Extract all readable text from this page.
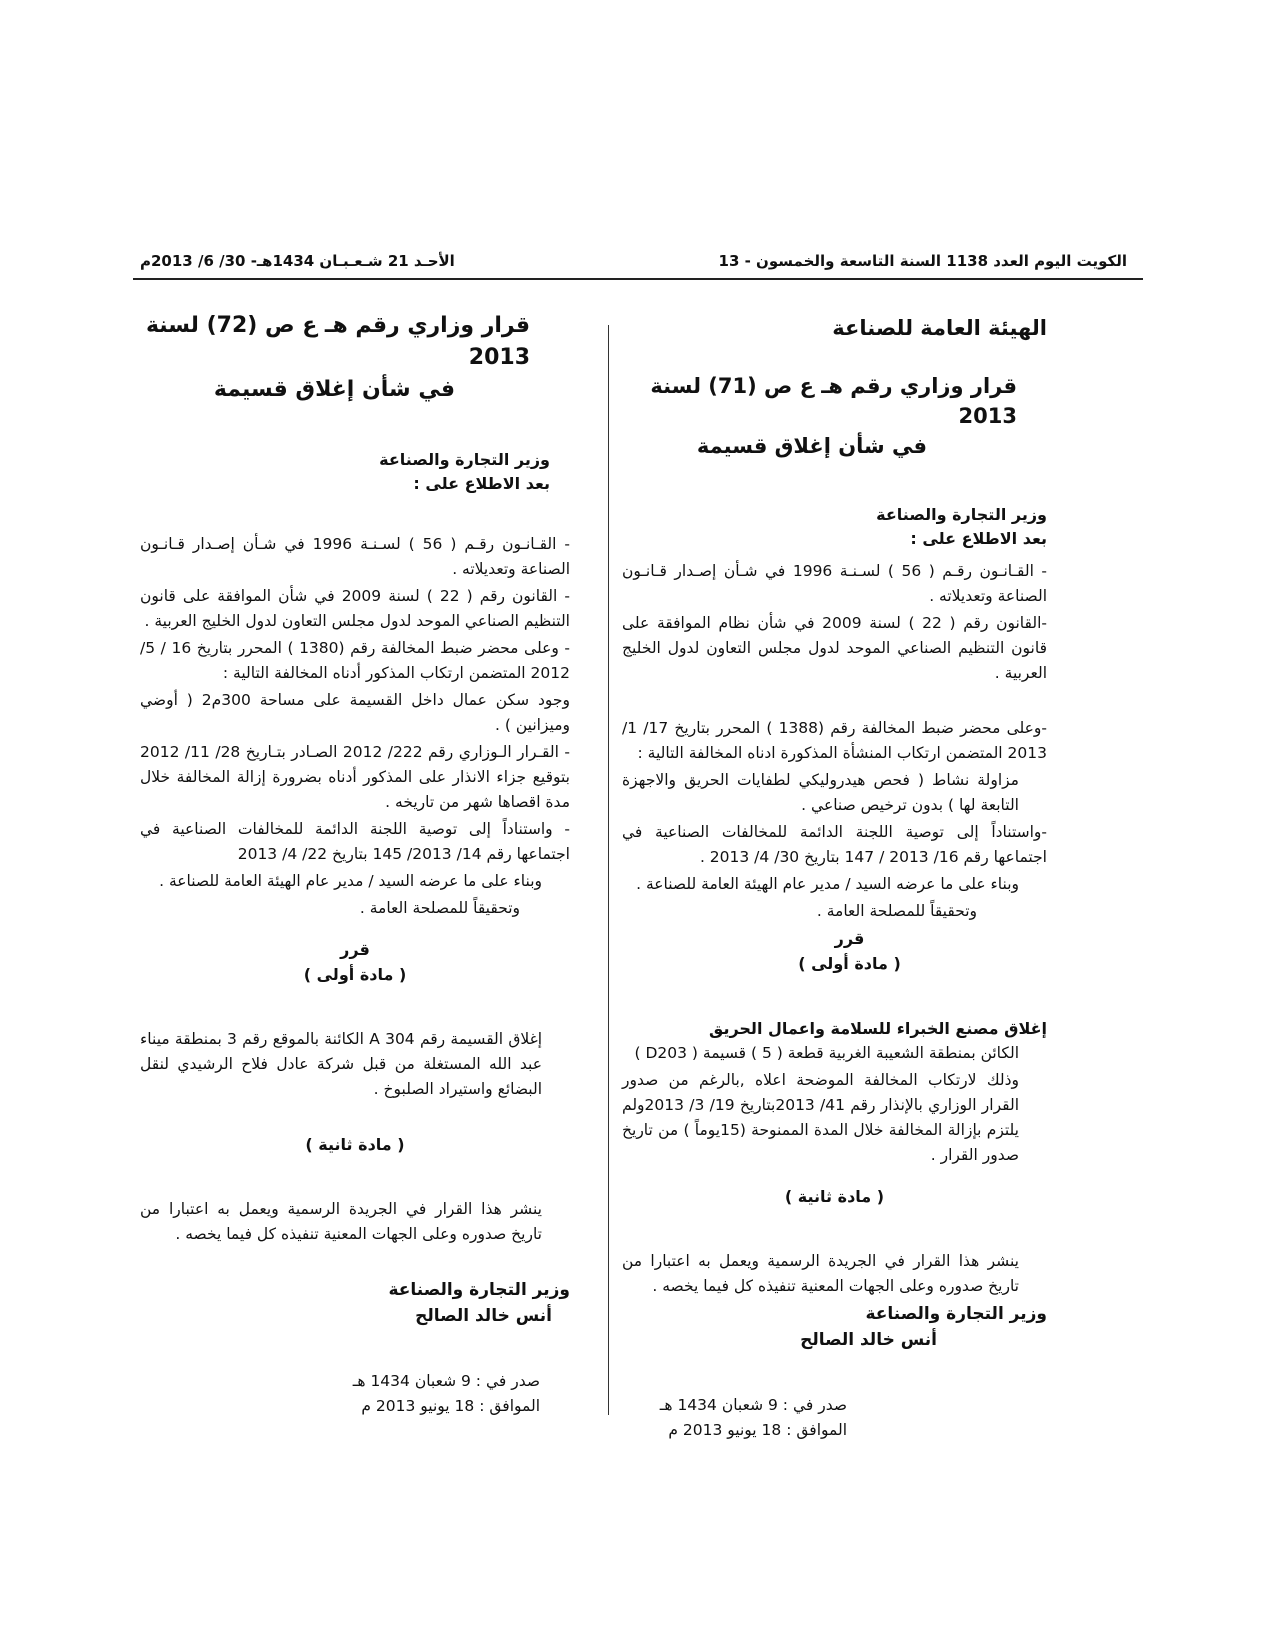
الكويت اليوم العدد 1138 السنة التاسعة والخمسون - 13
الأحـد 21 شـعـبـان 1434هـ- 30/ 6/ 2013م

الهيئة العامة للصناعة

قرار وزاري رقم هـ ع ص (71) لسنة 2013

في شأن إغلاق قسيمة

وزير التجارة والصناعة

بعد الاطلاع على :

- القـانـون رقـم ( 56 ) لسـنـة 1996 في شـأن إصـدار قـانـون الصناعة وتعديلاته .

-القانون رقم ( 22 ) لسنة 2009 في شأن نظام الموافقة على قانون التنظيم الصناعي الموحد لدول مجلس التعاون لدول الخليج العربية .

-وعلى محضر ضبط المخالفة رقم (1388 ) المحرر بتاريخ 17/ 1/ 2013 المتضمن ارتكاب المنشأة المذكورة ادناه المخالفة التالية :

مزاولة نشاط ( فحص هيدروليكي لطفايات الحريق والاجهزة التابعة لها ) بدون ترخيص صناعي .

-واستناداً إلى توصية اللجنة الدائمة للمخالفات الصناعية في اجتماعها رقم 16/ 2013 / 147 بتاريخ 30/ 4/ 2013 .

وبناء على ما عرضه السيد / مدير عام الهيئة العامة للصناعة .

وتحقيقاً للمصلحة العامة .

قرر

( مادة أولى )

إغلاق مصنع الخبراء للسلامة واعمال الحريق

الكائن بمنطقة الشعيبة الغربية قطعة ( 5 ) قسيمة ( D203 )

وذلك لارتكاب المخالفة الموضحة اعلاه ,بالرغم من صدور القرار الوزاري بالإنذار رقم 41/ 2013بتاريخ 19/ 3/ 2013ولم يلتزم بإزالة المخالفة خلال المدة الممنوحة (15يوماً ) من تاريخ صدور القرار .

( مادة ثانية )

ينشر هذا القرار في الجريدة الرسمية ويعمل به اعتبارا من تاريخ صدوره وعلى الجهات المعنية تنفيذه كل فيما يخصه .

وزير التجارة والصناعة

أنس خالد الصالح

صدر في : 9 شعبان 1434 هـ

الموافق : 18 يونيو 2013 م

قرار وزاري رقم هـ ع ص (72) لسنة 2013

في شأن إغلاق قسيمة

وزير التجارة والصناعة

بعد الاطلاع على :

- القـانـون رقـم ( 56 ) لسـنـة 1996 في شـأن إصـدار قـانـون الصناعة وتعديلاته .

- القانون رقم ( 22 ) لسنة 2009 في شأن الموافقة على قانون التنظيم الصناعي الموحد لدول مجلس التعاون لدول الخليج العربية .

- وعلى محضر ضبط المخالفة رقم (1380 ) المحرر بتاريخ 16 / 5/ 2012 المتضمن ارتكاب المذكور أدناه المخالفة التالية :

وجود سكن عمال داخل القسيمة على مساحة 300م2 ( أوضي وميزانين ) .

- القـرار الـوزاري رقم 222/ 2012 الصـادر بتـاريخ 28/ 11/ 2012 بتوقيع جزاء الانذار على المذكور أدناه بضرورة إزالة المخالفة خلال مدة اقصاها شهر من تاريخه .

- واستناداً إلى توصية اللجنة الدائمة للمخالفات الصناعية في اجتماعها رقم 14/ 2013/ 145 بتاريخ 22/ 4/ 2013

وبناء على ما عرضه السيد / مدير عام الهيئة العامة للصناعة .

وتحقيقاً للمصلحة العامة .

قرر

( مادة أولى )

إغلاق القسيمة رقم 304 A الكائنة بالموقع رقم 3 بمنطقة ميناء عبد الله المستغلة من قبل شركة عادل فلاح الرشيدي لنقل البضائع واستيراد الصلبوخ .

( مادة ثانية )

ينشر هذا القرار في الجريدة الرسمية ويعمل به اعتبارا من تاريخ صدوره وعلى الجهات المعنية تنفيذه كل فيما يخصه .

وزير التجارة والصناعة

أنس خالد الصالح

صدر في : 9 شعبان 1434 هـ

الموافق : 18 يونيو 2013 م
